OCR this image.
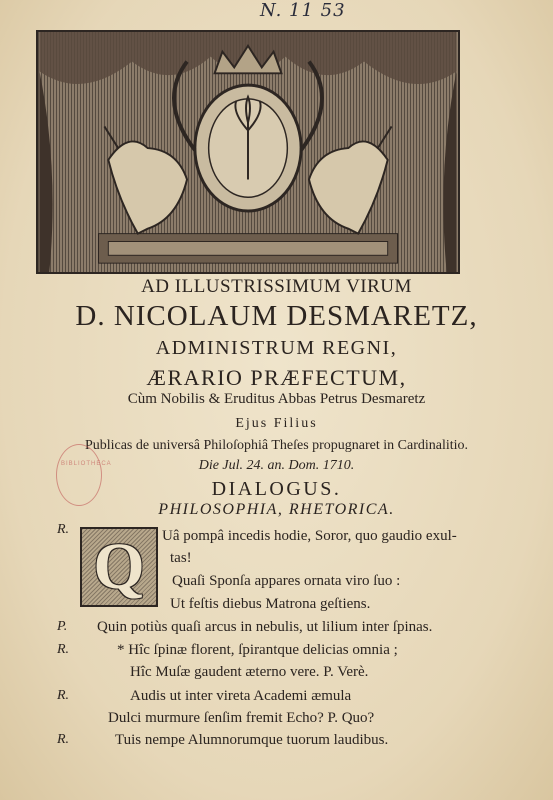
N. 11 53
AD ILLUSTRISSIMUM VIRUM
D. NICOLAUM DESMARETZ,
ADMINISTRUM REGNI,
ÆRARIO PRÆFECTUM,
Cùm Nobilis & Eruditus Abbas Petrus Desmaretz
Ejus Filius
Publicas de universâ Philoſophiâ Theſes propugnaret in Cardinalitio.
Die Jul. 24. an. Dom. 1710.
DIALOGUS.
PHILOSOPHIA, RHETORICA.
BIBLIOTHECA
Q
R.	Uâ pompâ incedis hodie, Soror, quo gaudio exul-
tas!
Quaſi Sponſa appares ornata viro ſuo :
Ut feſtis diebus Matrona geſtiens.
P. Quin potiùs quaſi arcus in nebulis, ut lilium inter ſpinas.
R.	* Hîc ſpinæ florent, ſpirantque delicias omnia ;
Hîc Muſæ gaudent æterno vere. P. Verè.
R.	Audis ut inter vireta Academi æmula
Dulci murmure ſenſim fremit Echo? P. Quo?
R.	Tuis nempe Alumnorumque tuorum laudibus.
